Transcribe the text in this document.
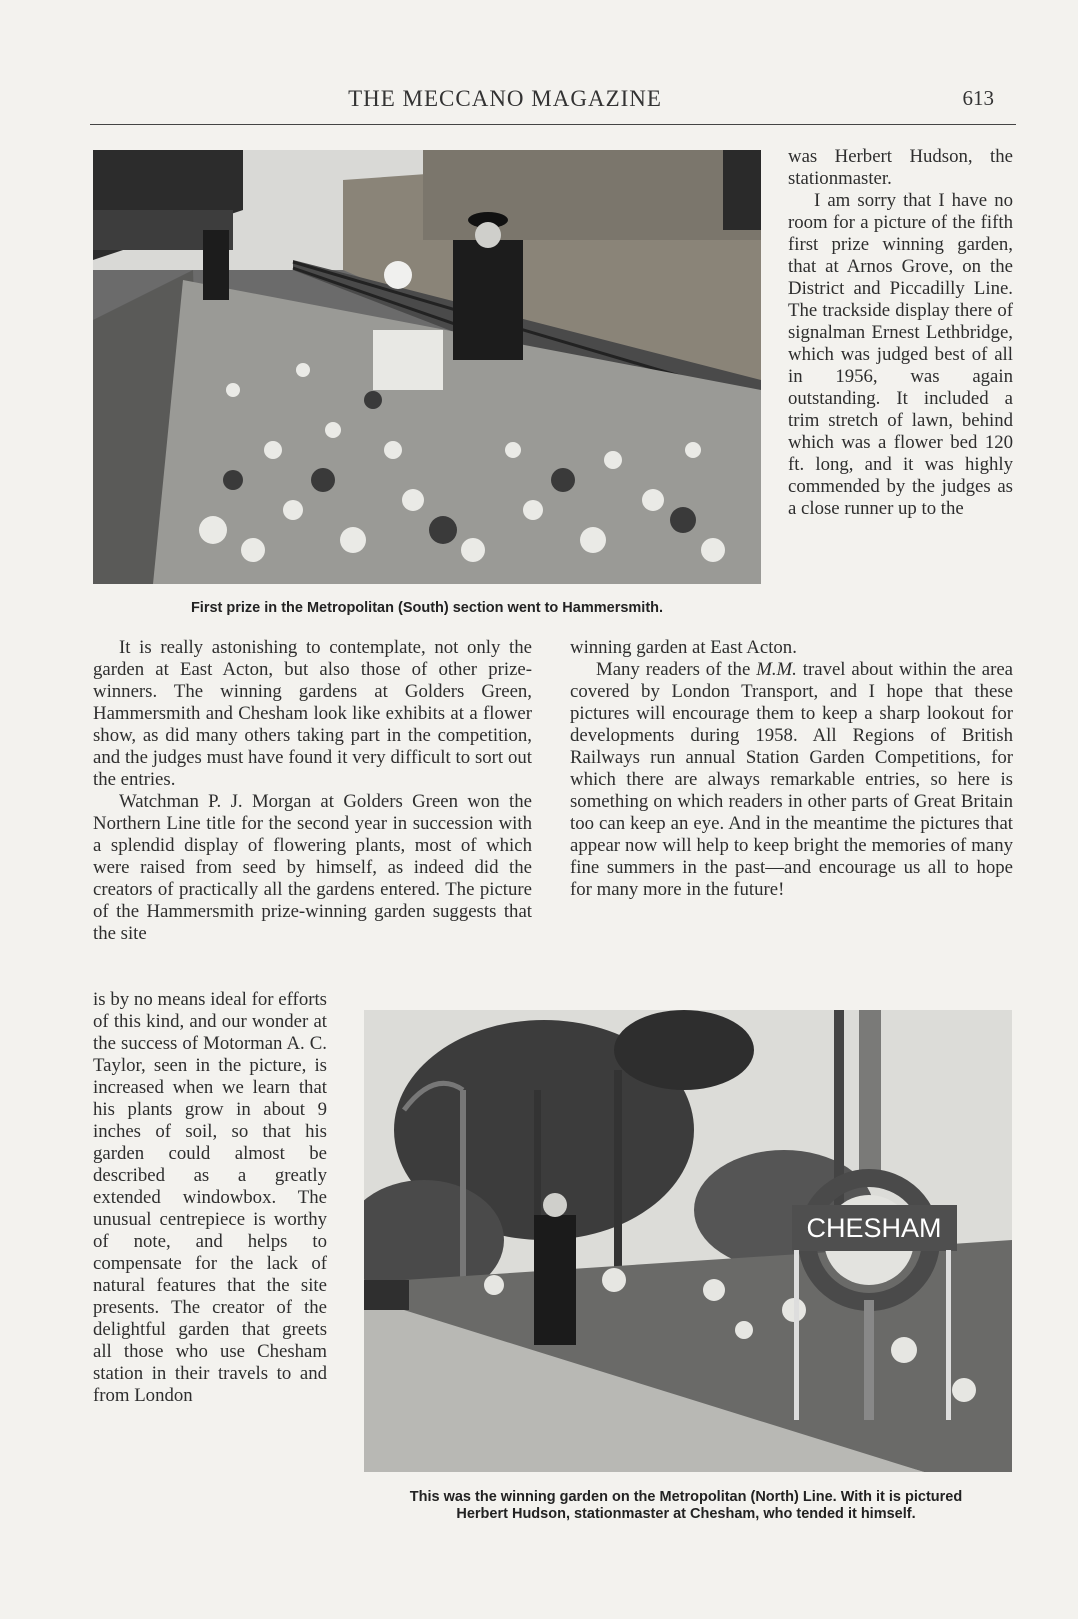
THE MECCANO MAGAZINE	613
First prize in the Metropolitan (South) section went to Hammersmith.

was Herbert Hudson, the stationmaster.

I am sorry that I have no room for a picture of the fifth first prize winning garden, that at Arnos Grove, on the District and Piccadilly Line. The trackside display there of signalman Ernest Lethbridge, which was judged best of all in 1956, was again outstanding. It included a trim stretch of lawn, behind which was a flower bed 120 ft. long, and it was highly commended by the judges as a close runner up to the

It is really astonishing to contemplate, not only the garden at East Acton, but also those of other prize-winners. The winning gardens at Golders Green, Hammersmith and Chesham look like exhibits at a flower show, as did many others taking part in the competition, and the judges must have found it very difficult to sort out the entries.

Watchman P. J. Morgan at Golders Green won the Northern Line title for the second year in succession with a splendid display of flowering plants, most of which were raised from seed by himself, as indeed did the creators of practically all the gardens entered. The picture of the Hammersmith prize-winning garden suggests that the site

winning garden at East Acton.

Many readers of the M.M. travel about within the area covered by London Transport, and I hope that these pictures will encourage them to keep a sharp lookout for developments during 1958. All Regions of British Railways run annual Station Garden Competitions, for which there are always remarkable entries, so here is something on which readers in other parts of Great Britain too can keep an eye. And in the meantime the pictures that appear now will help to keep bright the memories of many fine summers in the past—and encourage us all to hope for many more in the future!

is by no means ideal for efforts of this kind, and our wonder at the success of Motorman A. C. Taylor, seen in the picture, is increased when we learn that his plants grow in about 9 inches of soil, so that his garden could almost be described as a greatly extended windowbox. The unusual centrepiece is worthy of note, and helps to compensate for the lack of natural features that the site presents. The creator of the delightful garden that greets all those who use Chesham station in their travels to and from London

CHESHAM
This was the winning garden on the Metropolitan (North) Line. With it is pictured
Herbert Hudson, stationmaster at Chesham, who tended it himself.
